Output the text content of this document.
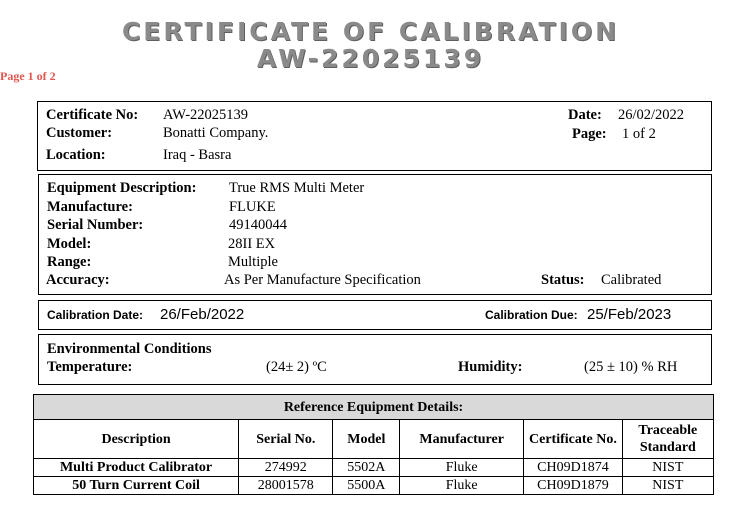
CERTIFICATE OF CALIBRATION
AW-22025139
Page 1 of 2
Certificate No: AW-22025139
Customer:	Bonatti Company.
Location:	Iraq - Basra
Date: 26/02/2022
Page: 1 of 2
Equipment Description: True RMS Multi Meter
Manufacture:	FLUKE
Serial Number:	49140044
Model:	28II EX
Range:	Multiple
Accuracy:	As Per Manufacture Specification	Status: Calibrated
Calibration Date: 26/Feb/2022	Calibration Due: 25/Feb/2023
Environmental Conditions
Temperature:	(24± 2) ºC	Humidity:	(25 ± 10) % RH
Reference Equipment Details:					
Description	Serial No.	Model	Manufacturer	Certificate No.	Traceable Standard
Multi Product Calibrator	274992	5502A	Fluke	CH09D1874	NIST
50 Turn Current Coil	28001578	5500A	Fluke	CH09D1879	NIST
